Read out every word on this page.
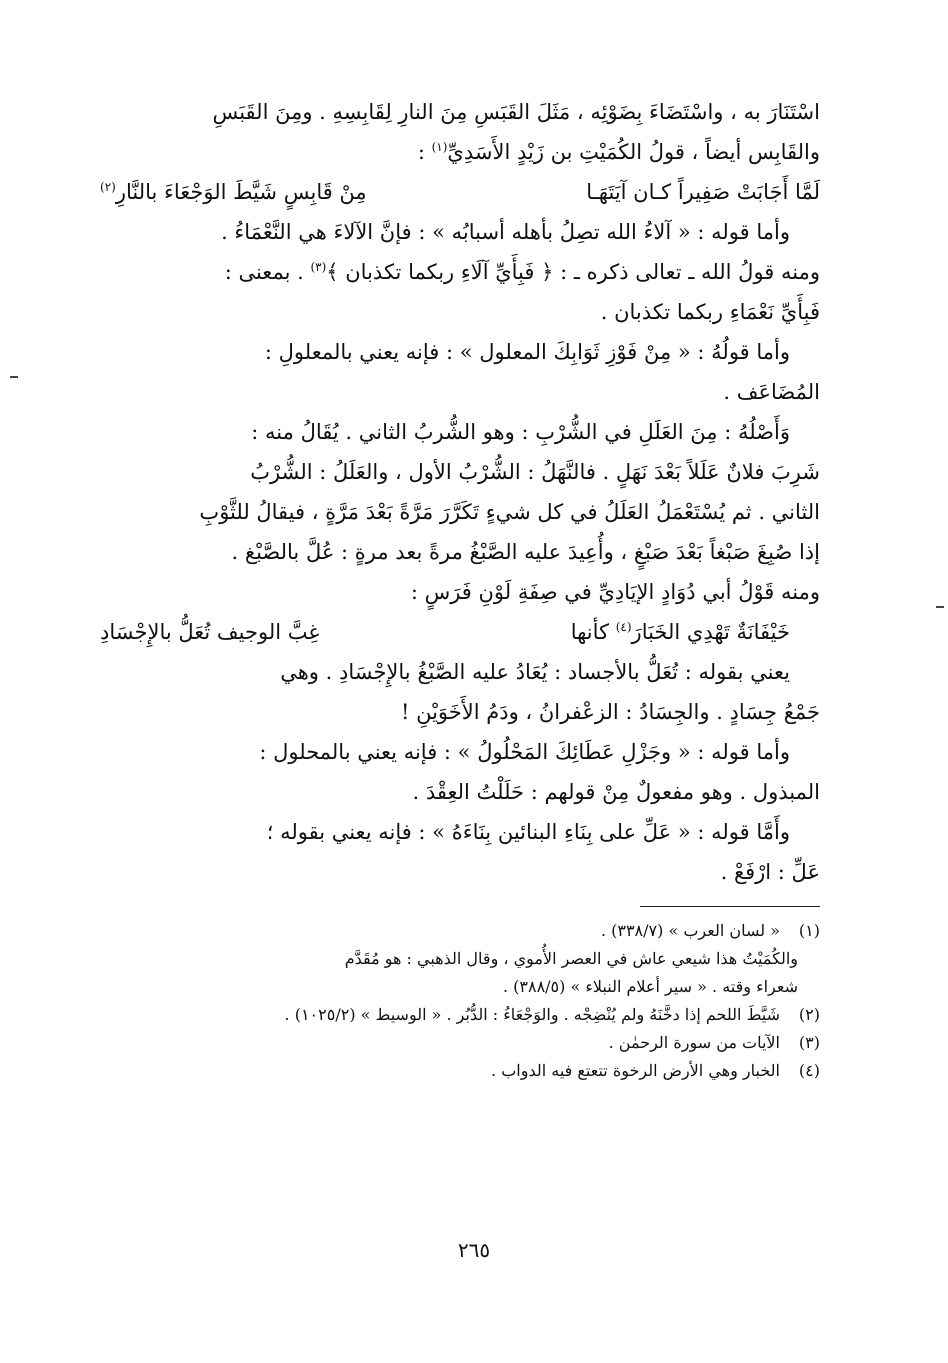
اسْتَنَارَ به ، واسْتَضَاءَ بِضَوْئِه ، مَثَلَ القَبَسِ مِنَ النارِ لِقَابِسِهِ . ومِنَ القَبَسِ

والقَابِس أيضاً ، قولُ الكُمَيْتِ بن زَيْدٍ الأَسَدِيِّ$^{(١)}$ :

لَمَّا أَجَابَتْ صَفِيراً كـان آيَتَهَـا
مِنْ قَابِسٍ شَيَّطَ الوَجْعَاءَ بالنَّارِ$^{(٢)}$

وأما قوله : « آلاءُ الله تصِلُ بأهله أسبابُه » : فإنَّ الآلاءَ هي النَّعْمَاءُ .

ومنه قولُ الله ـ تعالى ذكره ـ : ﴿ فَبِأَيِّ آلَاءِ ربكما تكذبان ﴾$^{(٣)}$ . بمعنى :

فَبِأَيِّ نَعْمَاءِ ربكما تكذبان .

وأما قولُهُ : « مِنْ فَوْزِ ثَوَابِكَ المعلول » : فإنه يعني بالمعلولِ :

المُضَاعَف .

وَأَصْلُهُ : مِنَ العَلَلِ في الشُّرْبِ : وهو الشُّربُ الثاني . يُقَالُ منه :

شَرِبَ فلانٌ عَلَلاً بَعْدَ نَهَلٍ . فالنَّهَلُ : الشُّرْبُ الأول ، والعَلَلُ : الشُّرْبُ

الثاني . ثم يُسْتَعْمَلُ العَلَلُ في كل شيءٍ تَكَرَّرَ مَرَّةً بَعْدَ مَرَّةٍ ، فيقالُ للثَّوْبِ

إذا صُبِغَ صَبْغاً بَعْدَ صَبْغٍ ، وأُعِيدَ عليه الصَّبْغُ مرةً بعد مرةٍ : عُلَّ بالصَّبْغ .

ومنه قَوْلُ أبي دُوَادٍ الإيَادِيِّ في صِفَةِ لَوْنِ فَرَسٍ :

خَيْفَانَةٌ تَهْدِي الخَبَارَ$^{(٤)}$ كأنها
غِبَّ الوجيف تُعَلُّ بالإِجْسَادِ

يعني بقوله : تُعَلُّ بالأجساد : يُعَادُ عليه الصَّبْغُ بالإِجْسَادِ . وهي

جَمْعُ جِسَادٍ . والجِسَادُ : الزعْفرانُ ، ودَمُ الأَخَوَيْنِ !

وأما قوله : « وجَزْلِ عَطَائِكَ المَحْلُولُ » : فإنه يعني بالمحلول :

المبذول . وهو مفعولٌ مِنْ قولهم : حَلَلْتُ العِقْدَ .

وأَمَّا قوله : « عَلِّ على بِنَاءِ البنائين بِنَاءَهُ » : فإنه يعني بقوله ؛

عَلِّ : ارْفَعْ .

(١)« لسان العرب » (٣٣٨/٧) .

والكُمَيْتُ هذا شيعي عاش في العصر الأُموي ، وقال الذهبي : هو مُقَدَّم

شعراء وقته . « سير أعلام النبلاء » (٣٨٨/٥) .

(٢)شَيَّطَ اللحم إذا دخَّنَهُ ولم يُنْضِجْه . والوَجْعَاءُ : الدُّبُر . « الوسيط » (١٠٢٥/٢) .

(٣)الآيات من سورة الرحمٰن .

(٤)الخبار وهي الأرض الرخوة تتعتع فيه الدواب .

٢٦٥
